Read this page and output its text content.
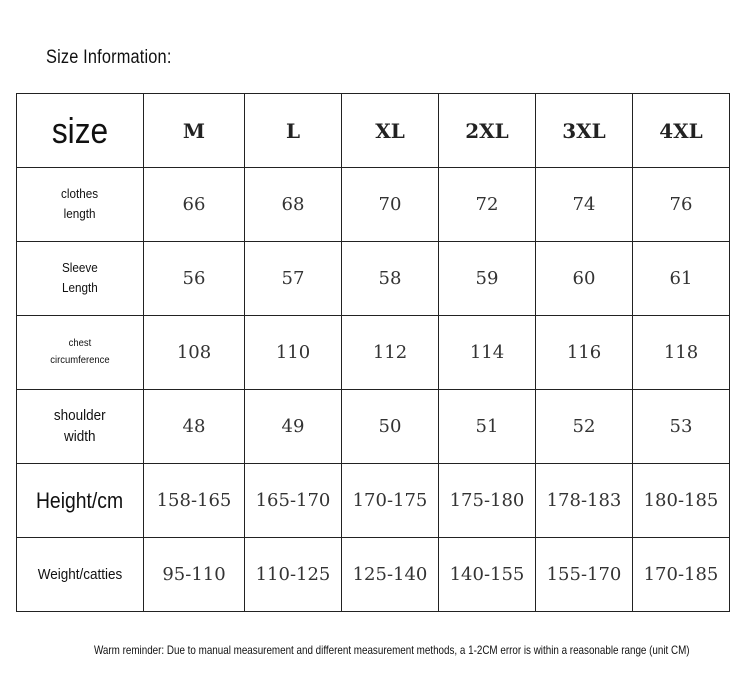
Size Information:
size	M	L	XL	2XL	3XL	4XL
clothes
length	66	68	70	72	74	76
Sleeve
Length	56	57	58	59	60	61
chest
circumference	108	110	112	114	116	118
shoulder
width	48	49	50	51	52	53
Height/cm	158-165	165-170	170-175	175-180	178-183	180-185
Weight/catties	95-110	110-125	125-140	140-155	155-170	170-185
Warm reminder: Due to manual measurement and different measurement methods, a 1-2CM error is within a reasonable range (unit CM)
